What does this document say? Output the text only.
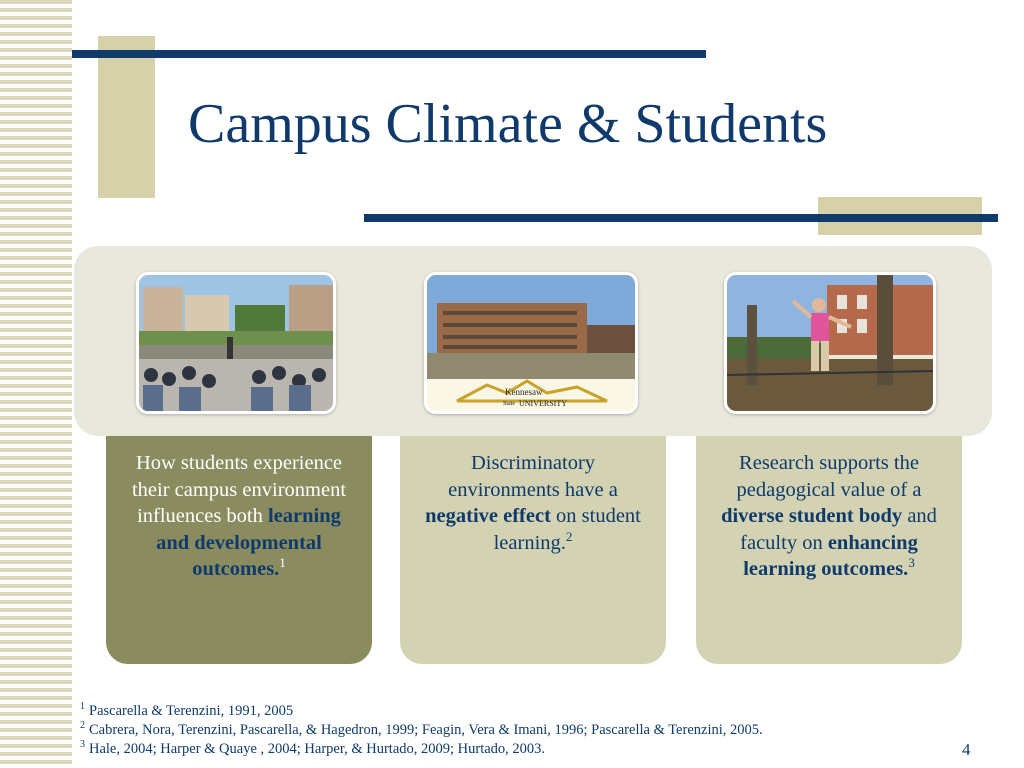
Campus Climate & Students
Kennesaw
State UNIVERSITY
How students experience their campus environment influences both learning and developmental outcomes.$^1$
Discriminatory environments have a negative effect on student learning.$^2$
Research supports the pedagogical value of a diverse student body and faculty on enhancing learning outcomes.$^3$
$^1$ Pascarella & Terenzini, 1991, 2005
$^2$ Cabrera, Nora, Terenzini, Pascarella, & Hagedron, 1999; Feagin, Vera & Imani, 1996; Pascarella & Terenzini, 2005.
$^3$ Hale, 2004; Harper & Quaye , 2004; Harper, & Hurtado, 2009; Hurtado, 2003.	4
